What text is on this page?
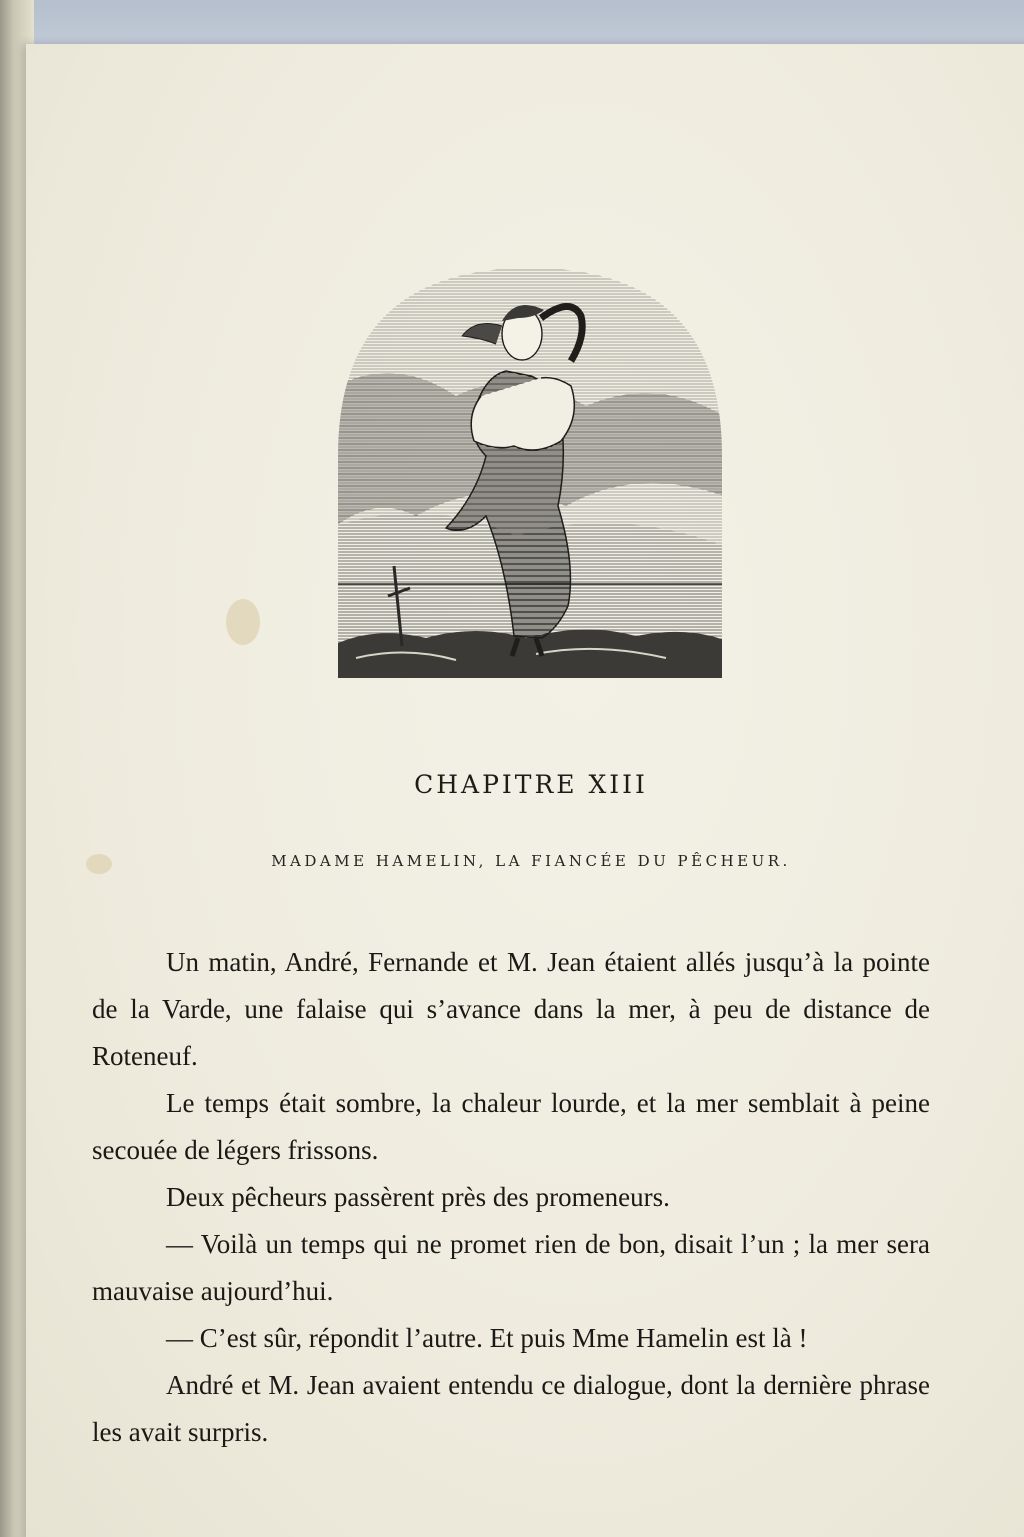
CHAPITRE XIII
MADAME HAMELIN, LA FIANCÉE DU PÊCHEUR.

Un matin, André, Fernande et M. Jean étaient allés jusqu’à la pointe de la Varde, une falaise qui s’avance dans la mer, à peu de distance de Roteneuf.

Le temps était sombre, la chaleur lourde, et la mer semblait à peine secouée de légers frissons.

Deux pêcheurs passèrent près des promeneurs.

— Voilà un temps qui ne promet rien de bon, disait l’un ; la mer sera mauvaise aujourd’hui.

— C’est sûr, répondit l’autre. Et puis Mme Hamelin est là !

André et M. Jean avaient entendu ce dialogue, dont la dernière phrase les avait surpris.
